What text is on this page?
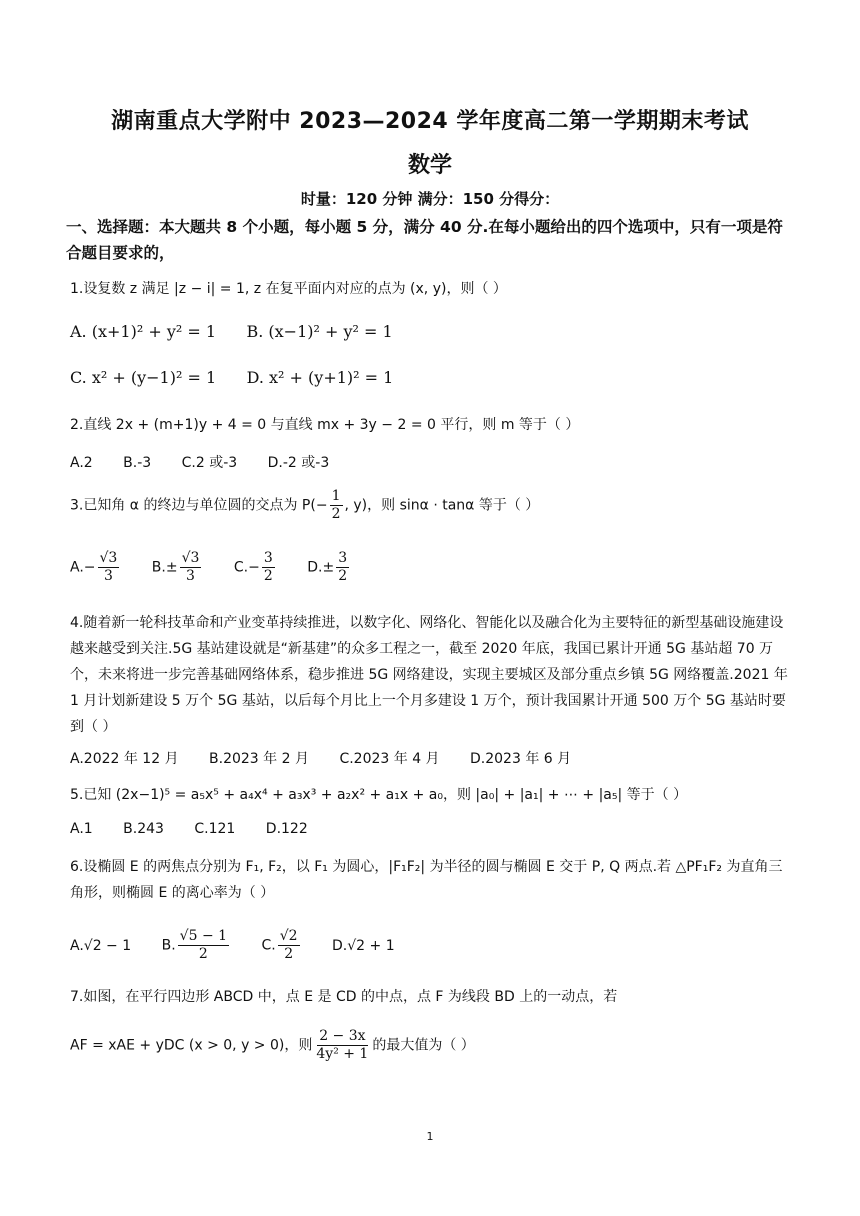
湖南重点大学附中 2023—2024 学年度高二第一学期期末考试
数学
时量：120 分钟 满分：150 分得分：
一、选择题：本大题共 8 个小题，每小题 5 分，满分 40 分.在每小题给出的四个选项中，只有一项是符合题目要求的，
1.设复数 z 满足 |z − i| = 1, z 在复平面内对应的点为 (x, y)，则（ ）
A. (x+1)² + y² = 1 B. (x−1)² + y² = 1
C. x² + (y−1)² = 1 D. x² + (y+1)² = 1
2.直线 2x + (m+1)y + 4 = 0 与直线 mx + 3y − 2 = 0 平行，则 m 等于（ ）
A.2 B.-3 C.2 或-3 D.-2 或-3
3.已知角 α 的终边与单位圆的交点为 $P(- \frac{1}{2}$ , y)，则 sinα · tanα 等于（ ）
$A.- \frac{√3}{3} B.\pm \frac{√3}{3} C.- \frac{3}{2} D.\pm \frac{3}{2}$
4.随着新一轮科技革命和产业变革持续推进，以数字化、网络化、智能化以及融合化为主要特征的新型基础设施建设越来越受到关注.5G 基站建设就是“新基建”的众多工程之一，截至 2020 年底，我国已累计开通 5G 基站超 70 万个，未来将进一步完善基础网络体系，稳步推进 5G 网络建设，实现主要城区及部分重点乡镇 5G 网络覆盖.2021 年 1 月计划新建设 5 万个 5G 基站，以后每个月比上一个月多建设 1 万个，预计我国累计开通 500 万个 5G 基站时要到（ ）
A.2022 年 12 月 B.2023 年 2 月 C.2023 年 4 月 D.2023 年 6 月
5.已知 (2x−1)⁵ = a₅x⁵ + a₄x⁴ + a₃x³ + a₂x² + a₁x + a₀，则 |a₀| + |a₁| + ⋯ + |a₅| 等于（ ）
A.1 B.243 C.121 D.122
6.设椭圆 E 的两焦点分别为 F₁, F₂，以 F₁ 为圆心，|F₁F₂| 为半径的圆与椭圆 E 交于 P, Q 两点.若 △PF₁F₂ 为直角三角形，则椭圆 E 的离心率为（ ）
A.√2 − 1 B. $\frac{√5 - 1}{2} C$. $\frac{√2}{2} D.√2 + 1$
7.如图，在平行四边形 ABCD 中，点 E 是 CD 的中点，点 F 为线段 BD 上的一动点，若
AF = xAE + yDC (x > 0, y > 0)，则 $\frac{2 - 3x}{\text{4y² + 1}}$ 的最大值为（ ）
1
